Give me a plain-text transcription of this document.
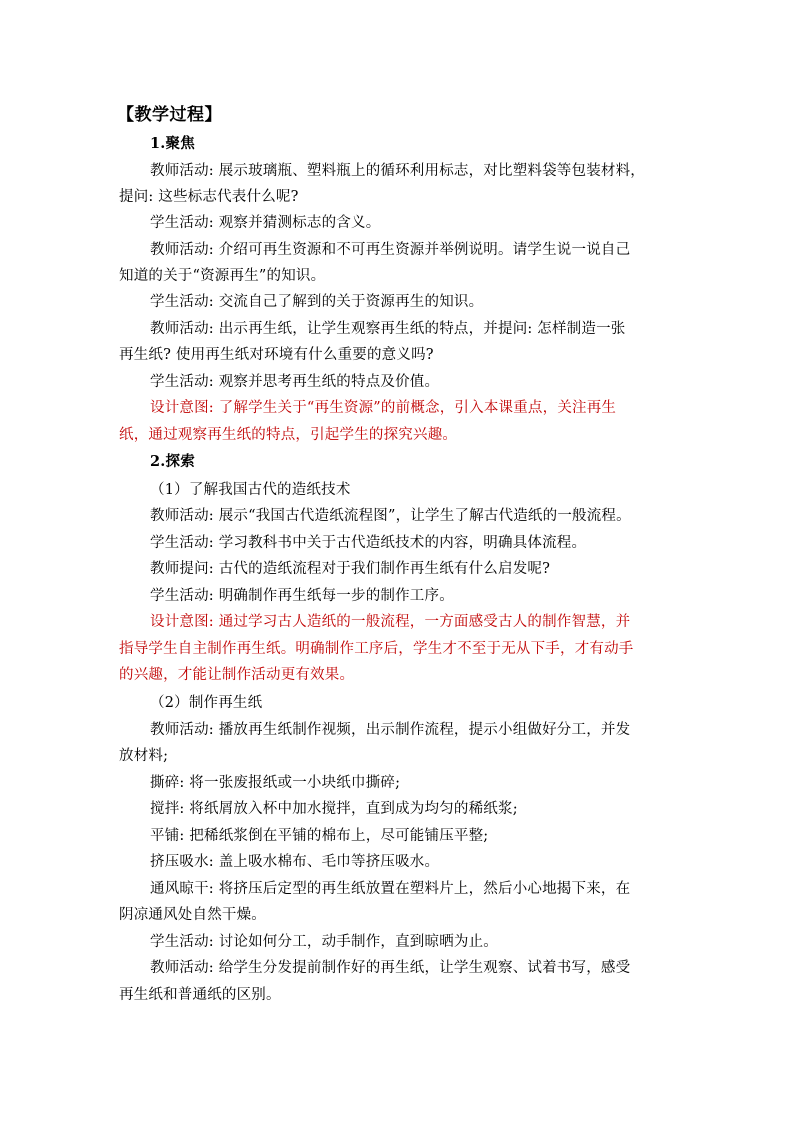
【教学过程】
1.聚焦
教师活动: 展示玻璃瓶、塑料瓶上的循环利用标志，对比塑料袋等包装材料，
提问: 这些标志代表什么呢?
学生活动: 观察并猜测标志的含义。
教师活动: 介绍可再生资源和不可再生资源并举例说明。请学生说一说自己
知道的关于“资源再生”的知识。
学生活动: 交流自己了解到的关于资源再生的知识。
教师活动: 出示再生纸，让学生观察再生纸的特点，并提问: 怎样制造一张
再生纸? 使用再生纸对环境有什么重要的意义吗?
学生活动: 观察并思考再生纸的特点及价值。
设计意图: 了解学生关于“再生资源”的前概念，引入本课重点，关注再生
纸，通过观察再生纸的特点，引起学生的探究兴趣。
2.探索
（1）了解我国古代的造纸技术
教师活动: 展示“我国古代造纸流程图”，让学生了解古代造纸的一般流程。
学生活动: 学习教科书中关于古代造纸技术的内容，明确具体流程。
教师提问: 古代的造纸流程对于我们制作再生纸有什么启发呢?
学生活动: 明确制作再生纸每一步的制作工序。
设计意图: 通过学习古人造纸的一般流程，一方面感受古人的制作智慧，并
指导学生自主制作再生纸。明确制作工序后，学生才不至于无从下手，才有动手
的兴趣，才能让制作活动更有效果。
（2）制作再生纸
教师活动: 播放再生纸制作视频，出示制作流程，提示小组做好分工，并发
放材料;
撕碎: 将一张废报纸或一小块纸巾撕碎;
搅拌: 将纸屑放入杯中加水搅拌，直到成为均匀的稀纸浆;
平铺: 把稀纸浆倒在平铺的棉布上，尽可能铺压平整;
挤压吸水: 盖上吸水棉布、毛巾等挤压吸水。
通风晾干: 将挤压后定型的再生纸放置在塑料片上，然后小心地揭下来，在
阴凉通风处自然干燥。
学生活动: 讨论如何分工，动手制作，直到晾晒为止。
教师活动: 给学生分发提前制作好的再生纸，让学生观察、试着书写，感受
再生纸和普通纸的区别。
